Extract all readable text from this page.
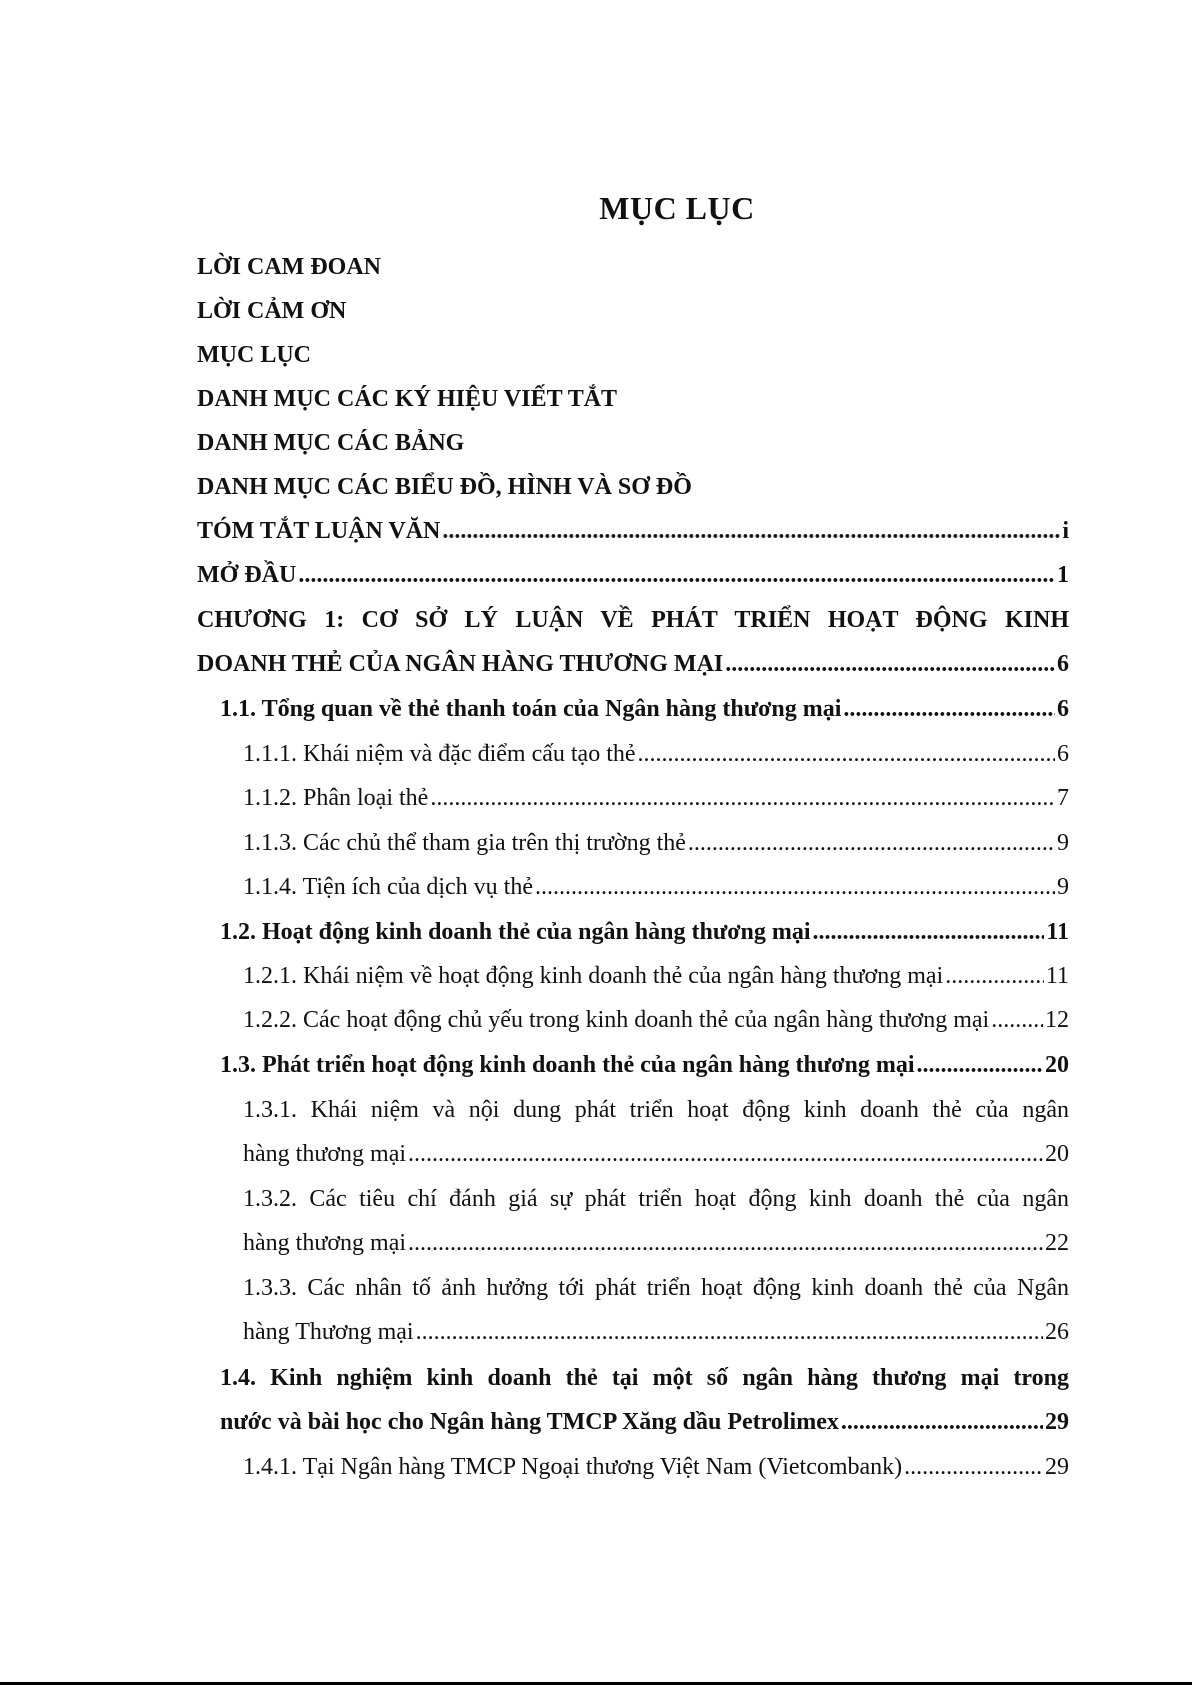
MỤC LỤC
LỜI CAM ĐOAN
LỜI CẢM ƠN
MỤC LỤC
DANH MỤC CÁC KÝ HIỆU VIẾT TẮT
DANH MỤC CÁC BẢNG
DANH MỤC CÁC BIỂU ĐỒ, HÌNH VÀ SƠ ĐỒ
TÓM TẮT LUẬN VĂN .....	i
MỞ ĐẦU .....	1
CHƯƠNG 1: CƠ SỞ LÝ LUẬN VỀ PHÁT TRIỂN HOẠT ĐỘNG KINH
DOANH THẺ CỦA NGÂN HÀNG THƯƠNG MẠI .....	6
1.1. Tổng quan về thẻ thanh toán của Ngân hàng thương mại .....	6
1.1.1. Khái niệm và đặc điểm cấu tạo thẻ .....	6
1.1.2. Phân loại thẻ .....	7
1.1.3. Các chủ thể tham gia trên thị trường thẻ .....	9
1.1.4. Tiện ích của dịch vụ thẻ .....	9
1.2. Hoạt động kinh doanh thẻ của ngân hàng thương mại .....	11
1.2.1. Khái niệm về hoạt động kinh doanh thẻ của ngân hàng thương mại .....	11
1.2.2. Các hoạt động chủ yếu trong kinh doanh thẻ của ngân hàng thương mại ..... 12
1.3. Phát triển hoạt động kinh doanh thẻ của ngân hàng thương mại .....	20
1.3.1. Khái niệm và nội dung phát triển hoạt động kinh doanh thẻ của ngân
hàng thương mại .....	20
1.3.2. Các tiêu chí đánh giá sự phát triển hoạt động kinh doanh thẻ của ngân
hàng thương mại .....	22
1.3.3. Các nhân tố ảnh hưởng tới phát triển hoạt động kinh doanh thẻ của Ngân
hàng Thương mại .....	26
1.4. Kinh nghiệm kinh doanh thẻ tại một số ngân hàng thương mại trong
nước và bài học cho Ngân hàng TMCP Xăng dầu Petrolimex .....	29
1.4.1. Tại Ngân hàng TMCP Ngoại thương Việt Nam (Vietcombank) .....	29
